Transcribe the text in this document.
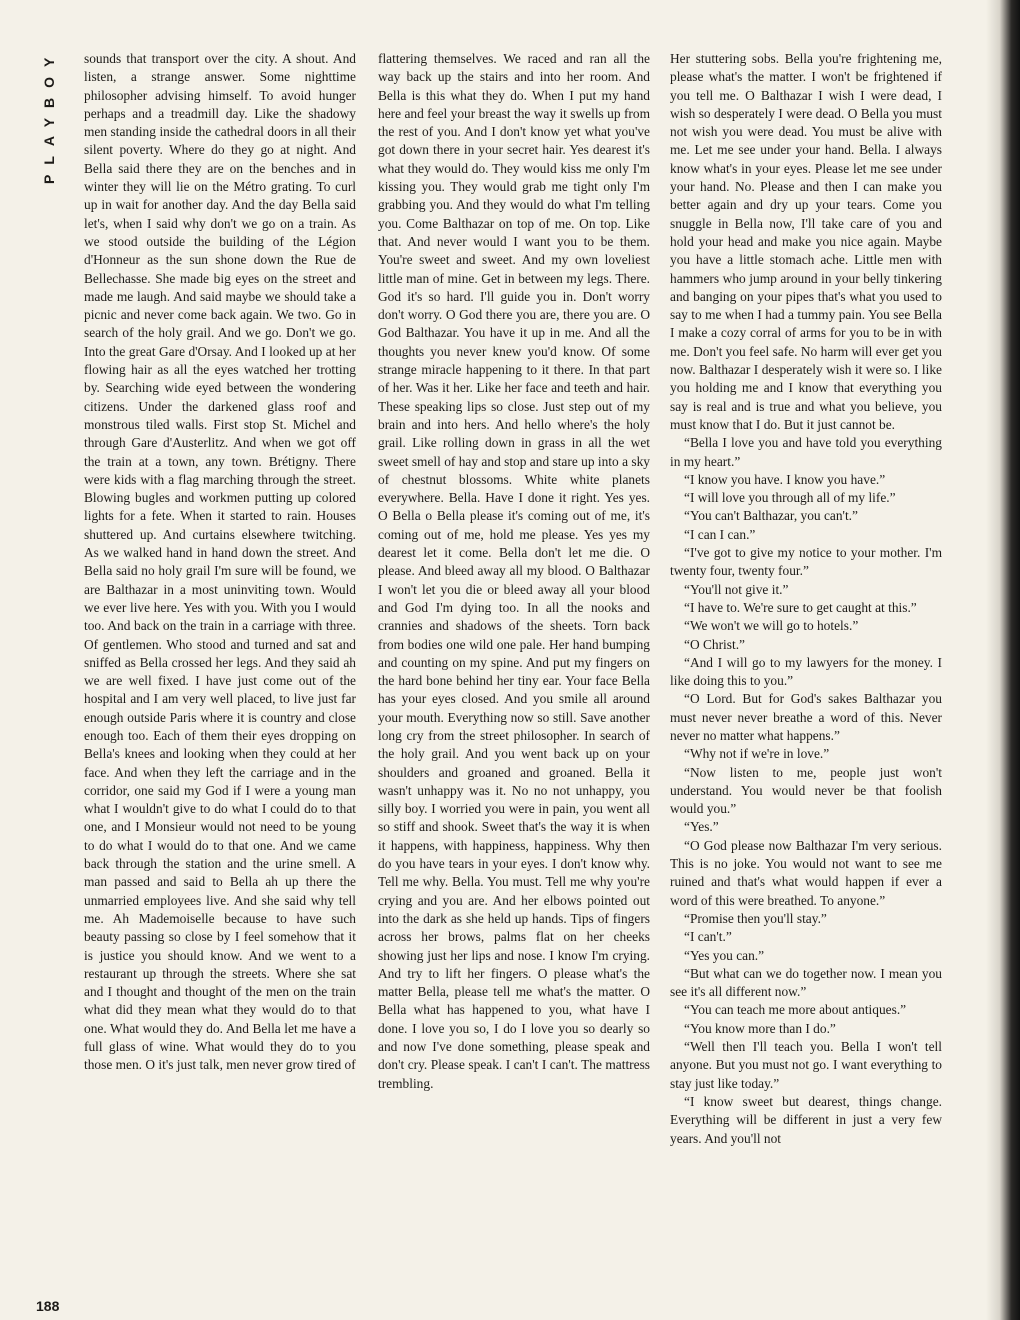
PLAYBOY	sounds that transport over the city. A shout. And listen, a strange answer. Some nighttime philosopher advising himself. To avoid hunger perhaps and a treadmill day. Like the shadowy men standing inside the cathedral doors in all their silent poverty. Where do they go at night. And Bella said there they are on the benches and in winter they will lie on the Métro grating. To curl up in wait for another day. And the day Bella said let's, when I said why don't we go on a train. As we stood outside the building of the Légion d'Honneur as the sun shone down the Rue de Bellechasse. She made big eyes on the street and made me laugh. And said maybe we should take a picnic and never come back again. We two. Go in search of the holy grail. And we go. Don't we go. Into the great Gare d'Orsay. And I looked up at her flowing hair as all the eyes watched her trotting by. Searching wide eyed between the wondering citizens. Under the darkened glass roof and monstrous tiled walls. First stop St. Michel and through Gare d'Austerlitz. And when we got off the train at a town, any town. Brétigny. There were kids with a flag marching through the street. Blowing bugles and workmen putting up colored lights for a fete. When it started to rain. Houses shuttered up. And curtains elsewhere twitching. As we walked hand in hand down the street. And Bella said no holy grail I'm sure will be found, we are Balthazar in a most uninviting town. Would we ever live here. Yes with you. With you I would too. And back on the train in a carriage with three. Of gentlemen. Who stood and turned and sat and sniffed as Bella crossed her legs. And they said ah we are well fixed. I have just come out of the hospital and I am very well placed, to live just far enough outside Paris where it is country and close enough too. Each of them their eyes dropping on Bella's knees and looking when they could at her face. And when they left the carriage and in the corridor, one said my God if I were a young man what I wouldn't give to do what I could do to that one, and I Monsieur would not need to be young to do what I would do to that one. And we came back through the station and the urine smell. A man passed and said to Bella ah up there the unmarried employees live. And she said why tell me. Ah Mademoiselle because to have such beauty passing so close by I feel somehow that it is justice you should know. And we went to a restaurant up through the streets. Where she sat and I thought and thought of the men on the train what did they mean what they would do to that one. What would they do. And Bella let me have a full glass of wine. What would they do to you those men. O it's just talk, men never grow tired of

flattering themselves. We raced and ran all the way back up the stairs and into her room. And Bella is this what they do. When I put my hand here and feel your breast the way it swells up from the rest of you. And I don't know yet what you've got down there in your secret hair. Yes dearest it's what they would do. They would kiss me only I'm kissing you. They would grab me tight only I'm grabbing you. And they would do what I'm telling you. Come Balthazar on top of me. On top. Like that. And never would I want you to be them. You're sweet and sweet. And my own loveliest little man of mine. Get in between my legs. There. God it's so hard. I'll guide you in. Don't worry don't worry. O God there you are, there you are. O God Balthazar. You have it up in me. And all the thoughts you never knew you'd know. Of some strange miracle happening to it there. In that part of her. Was it her. Like her face and teeth and hair. These speaking lips so close. Just step out of my brain and into hers. And hello where's the holy grail. Like rolling down in grass in all the wet sweet smell of hay and stop and stare up into a sky of chestnut blossoms. White white planets everywhere. Bella. Have I done it right. Yes yes. O Bella o Bella please it's coming out of me, it's coming out of me, hold me please. Yes yes my dearest let it come. Bella don't let me die. O please. And bleed away all my blood. O Balthazar I won't let you die or bleed away all your blood and God I'm dying too. In all the nooks and crannies and shadows of the sheets. Torn back from bodies one wild one pale. Her hand bumping and counting on my spine. And put my fingers on the hard bone behind her tiny ear. Your face Bella has your eyes closed. And you smile all around your mouth. Everything now so still. Save another long cry from the street philosopher. In search of the holy grail. And you went back up on your shoulders and groaned and groaned. Bella it wasn't unhappy was it. No no not unhappy, you silly boy. I worried you were in pain, you went all so stiff and shook. Sweet that's the way it is when it happens, with happiness, happiness. Why then do you have tears in your eyes. I don't know why. Tell me why. Bella. You must. Tell me why you're crying and you are. And her elbows pointed out into the dark as she held up hands. Tips of fingers across her brows, palms flat on her cheeks showing just her lips and nose. I know I'm crying. And try to lift her fingers. O please what's the matter Bella, please tell me what's the matter. O Bella what has happened to you, what have I done. I love you so, I do I love you so dearly so and now I've done something, please speak and don't cry. Please speak. I can't I can't. The mattress trembling.

Her stuttering sobs. Bella you're frightening me, please what's the matter. I won't be frightened if you tell me. O Balthazar I wish I were dead, I wish so desperately I were dead. O Bella you must not wish you were dead. You must be alive with me. Let me see under your hand. Bella. I always know what's in your eyes. Please let me see under your hand. No. Please and then I can make you better again and dry up your tears. Come you snuggle in Bella now, I'll take care of you and hold your head and make you nice again. Maybe you have a little stomach ache. Little men with hammers who jump around in your belly tinkering and banging on your pipes that's what you used to say to me when I had a tummy pain. You see Bella I make a cozy corral of arms for you to be in with me. Don't you feel safe. No harm will ever get you now. Balthazar I desperately wish it were so. I like you holding me and I know that everything you say is real and is true and what you believe, you must know that I do. But it just cannot be.

“Bella I love you and have told you everything in my heart.”

“I know you have. I know you have.”

“I will love you through all of my life.”

“You can't Balthazar, you can't.”

“I can I can.”

“I've got to give my notice to your mother. I'm twenty four, twenty four.”

“You'll not give it.”

“I have to. We're sure to get caught at this.”

“We won't we will go to hotels.”

“O Christ.”

“And I will go to my lawyers for the money. I like doing this to you.”

“O Lord. But for God's sakes Balthazar you must never never breathe a word of this. Never never no matter what happens.”

“Why not if we're in love.”

“Now listen to me, people just won't understand. You would never be that foolish would you.”

“Yes.”

“O God please now Balthazar I'm very serious. This is no joke. You would not want to see me ruined and that's what would happen if ever a word of this were breathed. To anyone.”

“Promise then you'll stay.”

“I can't.”

“Yes you can.”

“But what can we do together now. I mean you see it's all different now.”

“You can teach me more about antiques.”

“You know more than I do.”

“Well then I'll teach you. Bella I won't tell anyone. But you must not go. I want everything to stay just like today.”

“I know sweet but dearest, things change. Everything will be different in just a very few years. And you'll not

188
